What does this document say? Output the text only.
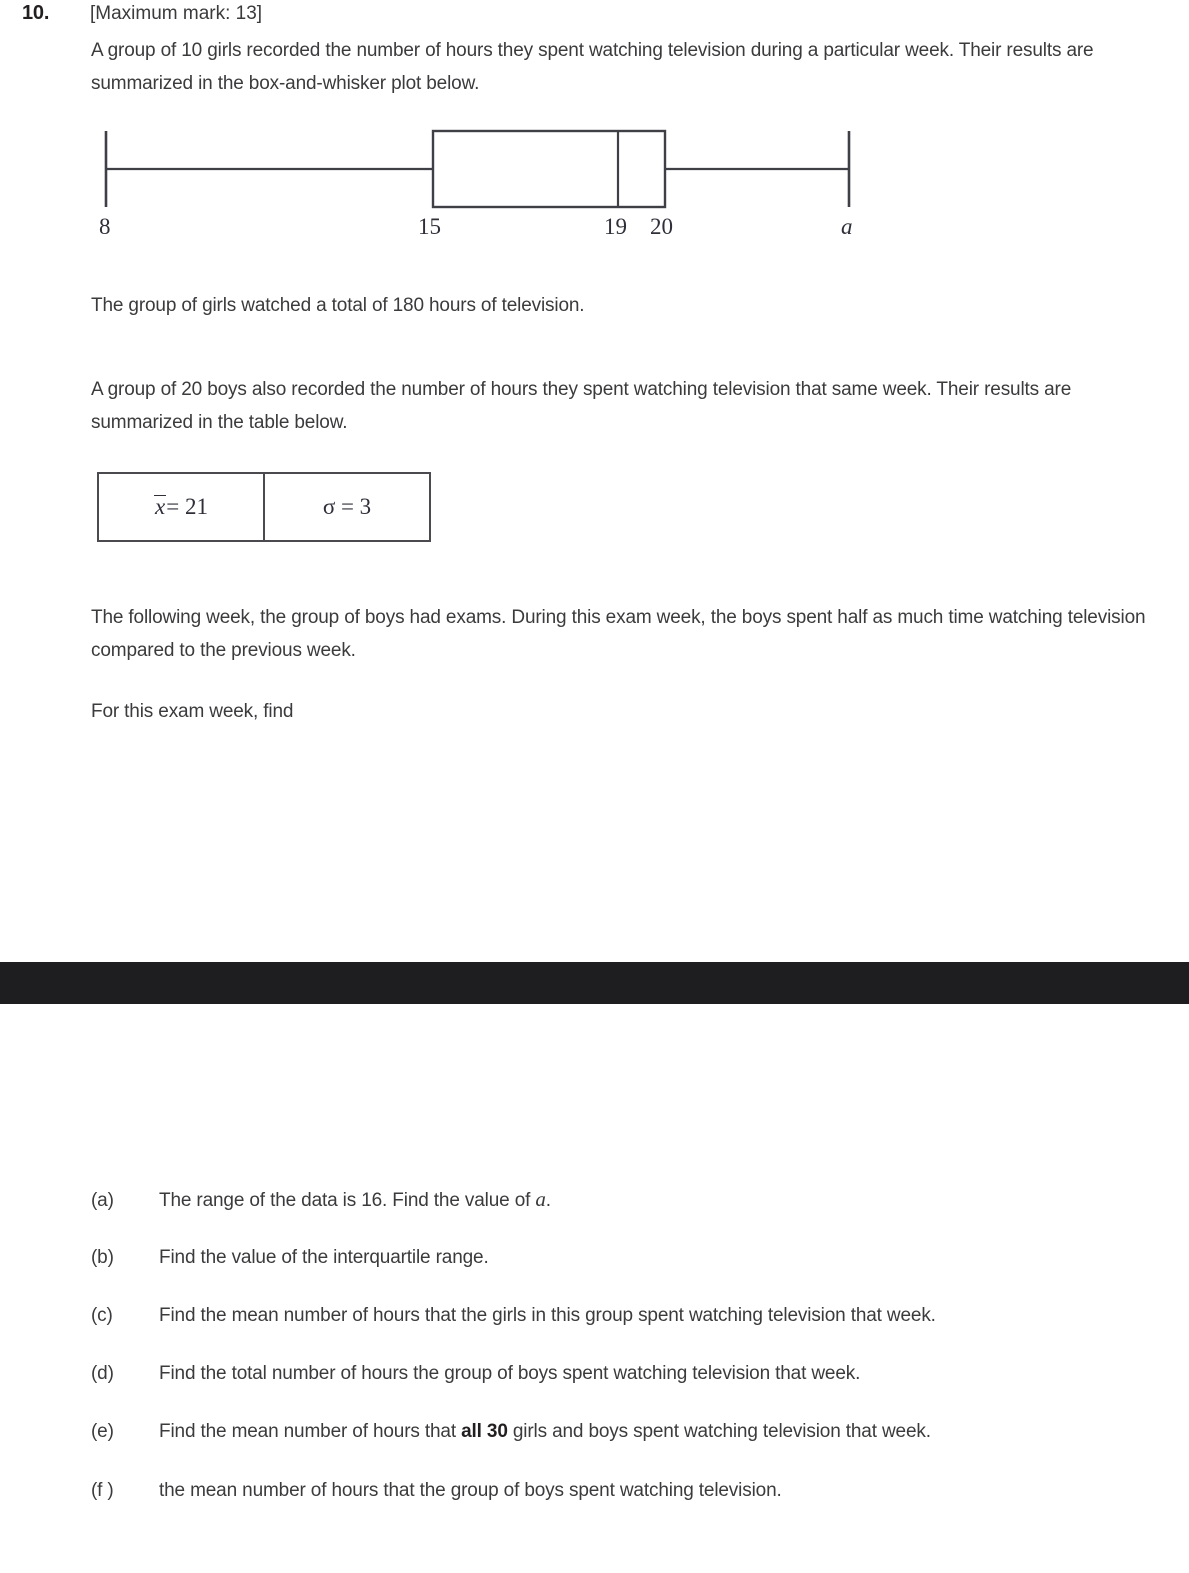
10. [Maximum mark: 13]
A group of 10 girls recorded the number of hours they spent watching television during a particular week. Their results are summarized in the box-and-whisker plot below.
8	15	19 20	a
The group of girls watched a total of 180 hours of television.
A group of 20 boys also recorded the number of hours they spent watching television that same week. Their results are summarized in the table below.
x= 21	σ = 3
The following week, the group of boys had exams. During this exam week, the boys spent half as much time watching television compared to the previous week.
For this exam week, find
(a) The range of the data is 16. Find the value of a.
(b) Find the value of the interquartile range.
(c) Find the mean number of hours that the girls in this group spent watching television that week.
(d) Find the total number of hours the group of boys spent watching television that week.
(e) Find the mean number of hours that all 30 girls and boys spent watching television that week.
(f ) the mean number of hours that the group of boys spent watching television.
